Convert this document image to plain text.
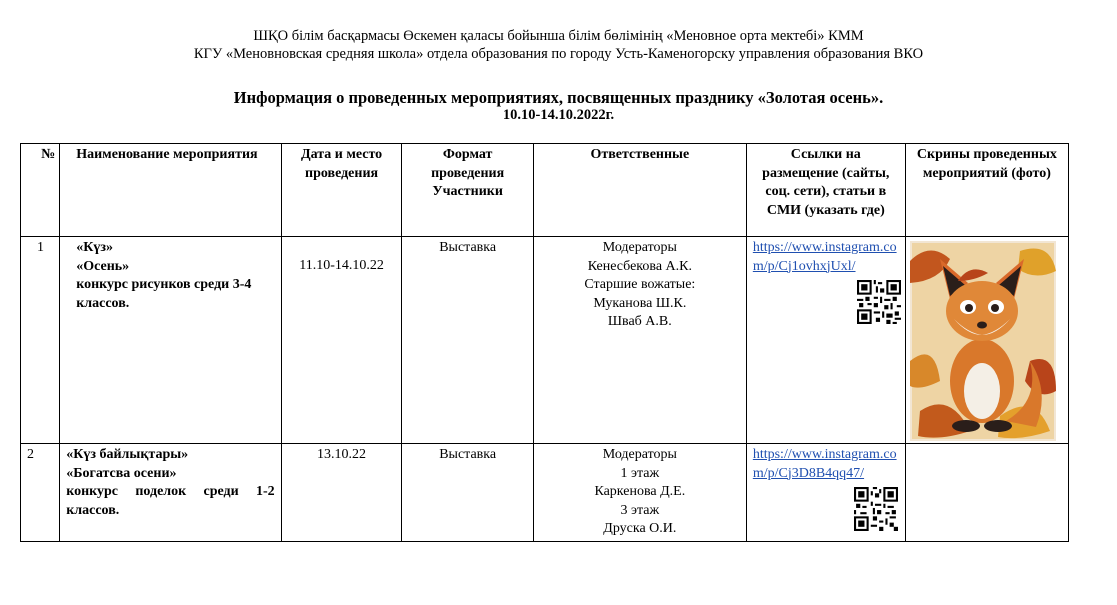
ШҚО білім басқармасы Өскемен қаласы бойынша білім бөлімінің «Меновное орта мектебі» КММ
КГУ «Меновновская средняя школа» отдела образования по городу Усть-Каменогорску управления образования ВКО
Информация о проведенных мероприятиях, посвященных празднику «Золотая осень».
10.10-14.10.2022г.
№	Наименование мероприятия	Дата и место проведения	Формат проведения Участники	Ответственные	Ссылки на размещение (сайты, соц. сети), статьи в СМИ (указать где)	Скрины проведенных мероприятий (фото)
1	«Күз»
«Осень»
конкурс рисунков среди 3-4 классов.	11.10-14.10.22	Выставка	Модераторы
Кенесбекова А.К.
Старшие вожатые:
Муканова Ш.К.
Шваб А.В.	https://www.instagram.com/p/Cj1ovhxjUxl/

2	«Күз байлықтары»
«Богатсва осени»
конкурс поделок среди 1-2 классов.	13.10.22	Выставка	Модераторы
1 этаж
Каркенова Д.Е.
3 этаж
Друска О.И.	https://www.instagram.com/p/Cj3D8B4qq47/
